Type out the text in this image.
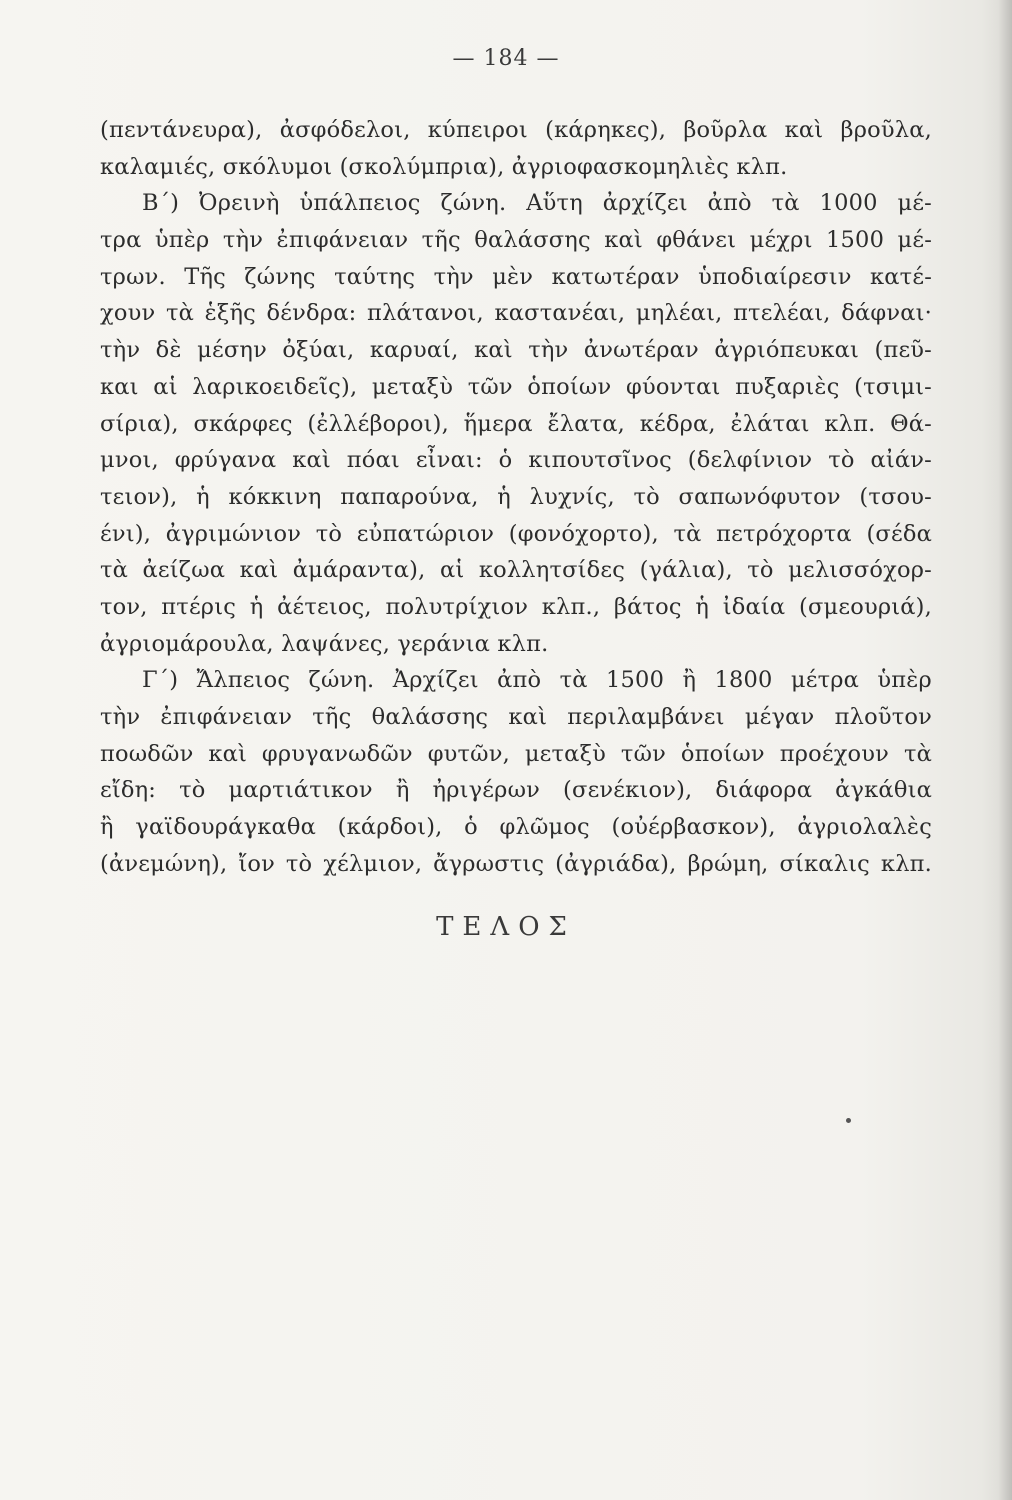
— 184 —
(πεντάνευρα), ἀσφόδελοι, κύπειροι (κάρηκες), βοῦρλα καὶ βροῦλα,
καλαμιές, σκόλυμοι (σκολύμπρια), ἀγριοφασκομηλιὲς κλπ.
Β΄) Ὀρεινὴ ὑπάλπειος ζώνη. Αὕτη ἀρχίζει ἀπὸ τὰ 1000 μέ-
τρα ὑπὲρ τὴν ἐπιφάνειαν τῆς θαλάσσης καὶ φθάνει μέχρι 1500 μέ-
τρων. Τῆς ζώνης ταύτης τὴν μὲν κατωτέραν ὑποδιαίρεσιν κατέ-
χουν τὰ ἑξῆς δένδρα: πλάτανοι, καστανέαι, μηλέαι, πτελέαι, δάφναι·
τὴν δὲ μέσην ὀξύαι, καρυαί, καὶ τὴν ἀνωτέραν ἀγριόπευκαι (πεῦ-
και αἱ λαρικοειδεῖς), μεταξὺ τῶν ὁποίων φύονται πυξαριὲς (τσιμι-
σίρια), σκάρφες (ἐλλέβοροι), ἥμερα ἔλατα, κέδρα, ἐλάται κλπ. Θά-
μνοι, φρύγανα καὶ πόαι εἶναι: ὁ κιπουτσῖνος (δελφίνιον τὸ αἰάν-
τειον), ἡ κόκκινη παπαρούνα, ἡ λυχνίς, τὸ σαπωνόφυτον (τσου-
ένι), ἀγριμώνιον τὸ εὐπατώριον (φονόχορτο), τὰ πετρόχορτα (σέδα
τὰ ἀείζωα καὶ ἀμάραντα), αἱ κολλητσίδες (γάλια), τὸ μελισσόχορ-
τον, πτέρις ἡ ἀέτειος, πολυτρίχιον κλπ., βάτος ἡ ἰδαία (σμεουριά),
ἀγριομάρουλα, λαψάνες, γεράνια κλπ.
Γ΄) Ἄλπειος ζώνη. Ἀρχίζει ἀπὸ τὰ 1500 ἢ 1800 μέτρα ὑπὲρ
τὴν ἐπιφάνειαν τῆς θαλάσσης καὶ περιλαμβάνει μέγαν πλοῦτον
ποωδῶν καὶ φρυγανωδῶν φυτῶν, μεταξὺ τῶν ὁποίων προέχουν τὰ
εἴδη: τὸ μαρτιάτικον ἢ ἠριγέρων (σενέκιον), διάφορα ἀγκάθια
ἢ γαϊδουράγκαθα (κάρδοι), ὁ φλῶμος (οὐέρβασκον), ἀγριολαλὲς
(ἀνεμώνη), ἴον τὸ χέλμιον, ἄγρωστις (ἀγριάδα), βρώμη, σίκαλις κλπ.
ΤΕΛΟΣ
